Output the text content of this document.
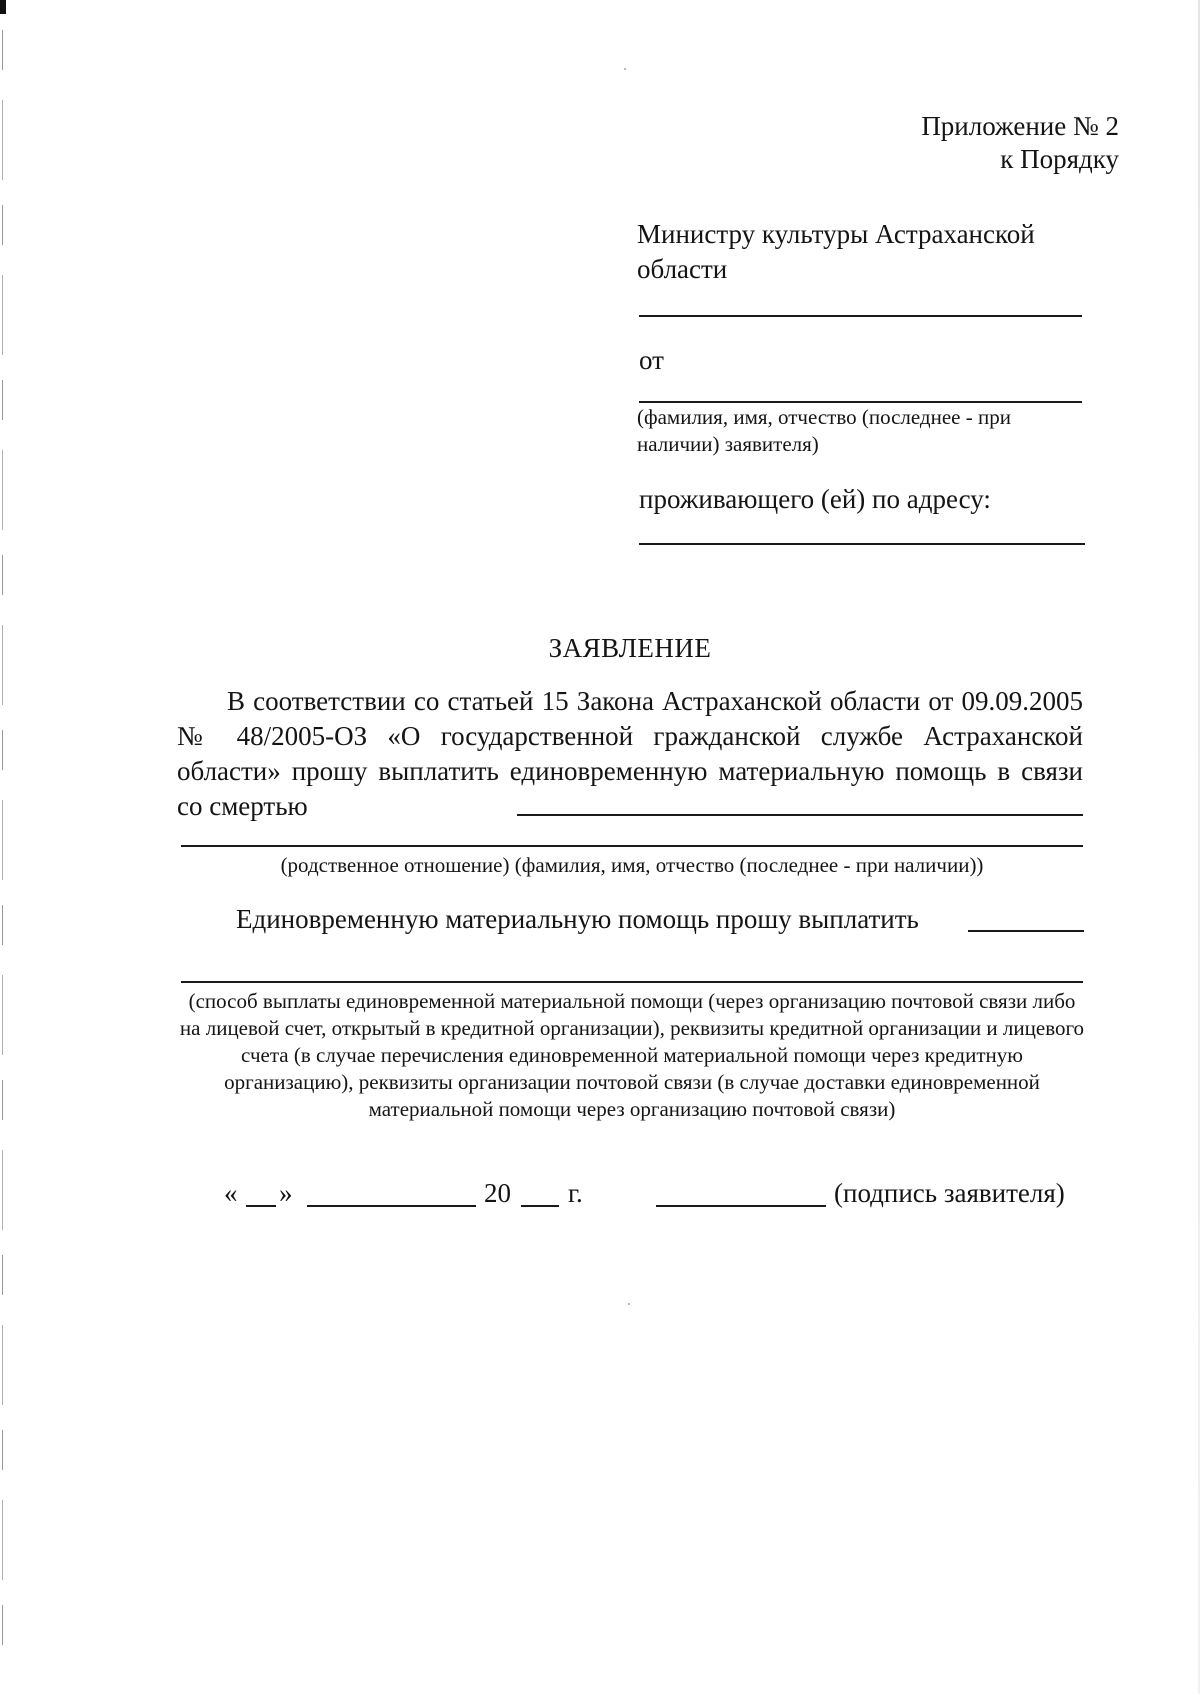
Приложение № 2
к Порядку
Министру культуры Астраханской области
от
(фамилия, имя, отчество (последнее - при наличии) заявителя)
проживающего (ей) по адресу:
ЗАЯВЛЕНИЕ
В соответствии со статьей 15 Закона Астраханской области от 09.09.2005 № 48/2005-ОЗ «О государственной гражданской службе Астраханской области» прошу выплатить единовременную материальную помощь в связи со смертью
(родственное отношение) (фамилия, имя, отчество (последнее - при наличии))
Единовременную материальную помощь прошу выплатить
(способ выплаты единовременной материальной помощи (через организацию почтовой связи либо на лицевой счет, открытый в кредитной организации), реквизиты кредитной организации и лицевого счета (в случае перечисления единовременной материальной помощи через кредитную организацию), реквизиты организации почтовой связи (в случае доставки единовременной материальной помощи через организацию почтовой связи)
« »	20 г.	(подпись заявителя)
